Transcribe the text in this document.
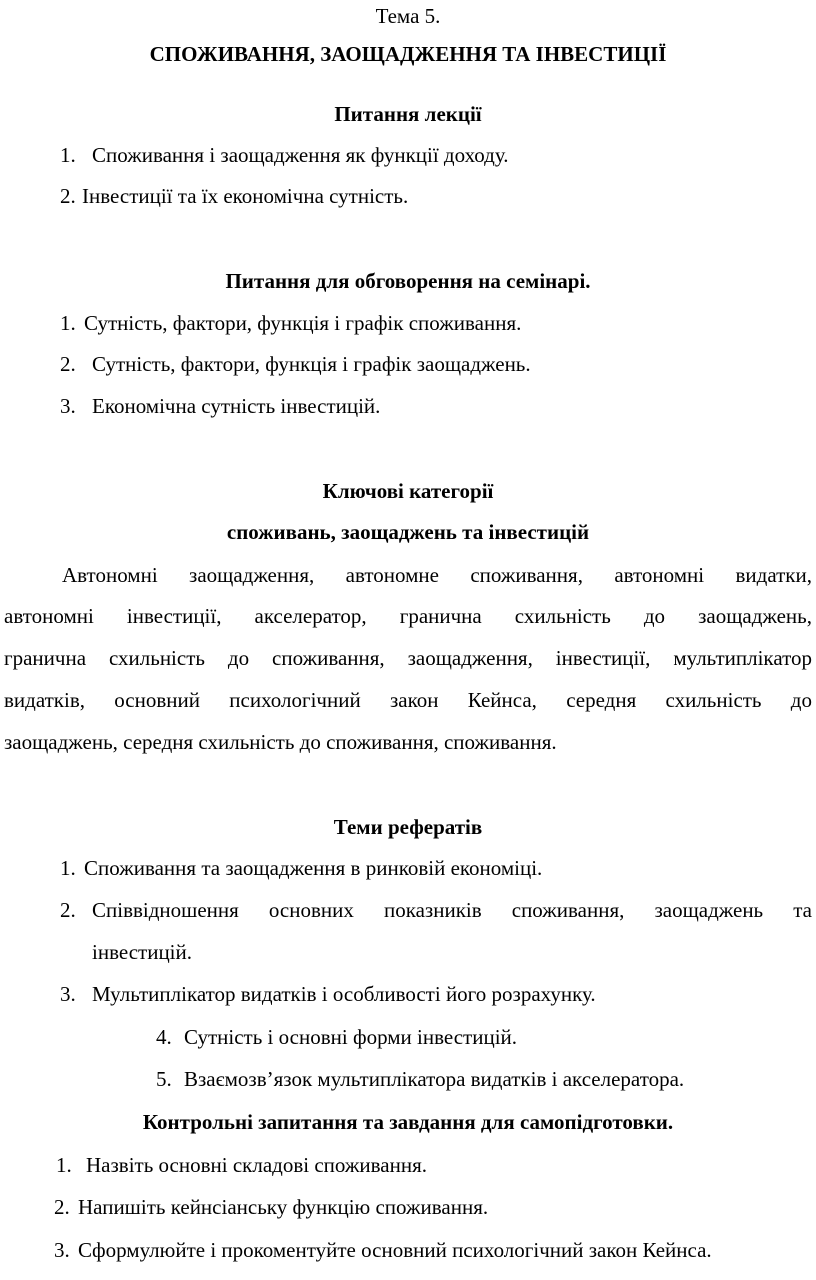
Тема 5.
СПОЖИВАННЯ, ЗАОЩАДЖЕННЯ ТА ІНВЕСТИЦІЇ
Питання лекції
1. Споживання і заощадження як функції доходу.
2. Інвестиції та їх економічна сутність.
Питання для обговорення на семінарі.
1. Сутність, фактори, функція і графік споживання.
2. Сутність, фактори, функція і графік заощаджень.
3. Економічна сутність інвестицій.
Ключові категорії
споживань, заощаджень та інвестицій
Автономні заощадження, автономне споживання, автономні видатки,
автономні інвестиції, акселератор, гранична схильність до заощаджень,
гранична схильність до споживання, заощадження, інвестиції, мультиплікатор
видатків, основний психологічний закон Кейнса, середня схильність до
заощаджень, середня схильність до споживання, споживання.
Теми рефератів
1. Споживання та заощадження в ринковій економіці.
2. Співвідношення основних показників споживання, заощаджень та
інвестицій.
3. Мультиплікатор видатків і особливості його розрахунку.
4. Сутність і основні форми інвестицій.
5. Взаємозв’язок мультиплікатора видатків і акселератора.
Контрольні запитання та завдання для самопідготовки.
1. Назвіть основні складові споживання.
2. Напишіть кейнсіанську функцію споживання.
3. Сформулюйте і прокоментуйте основний психологічний закон Кейнса.
